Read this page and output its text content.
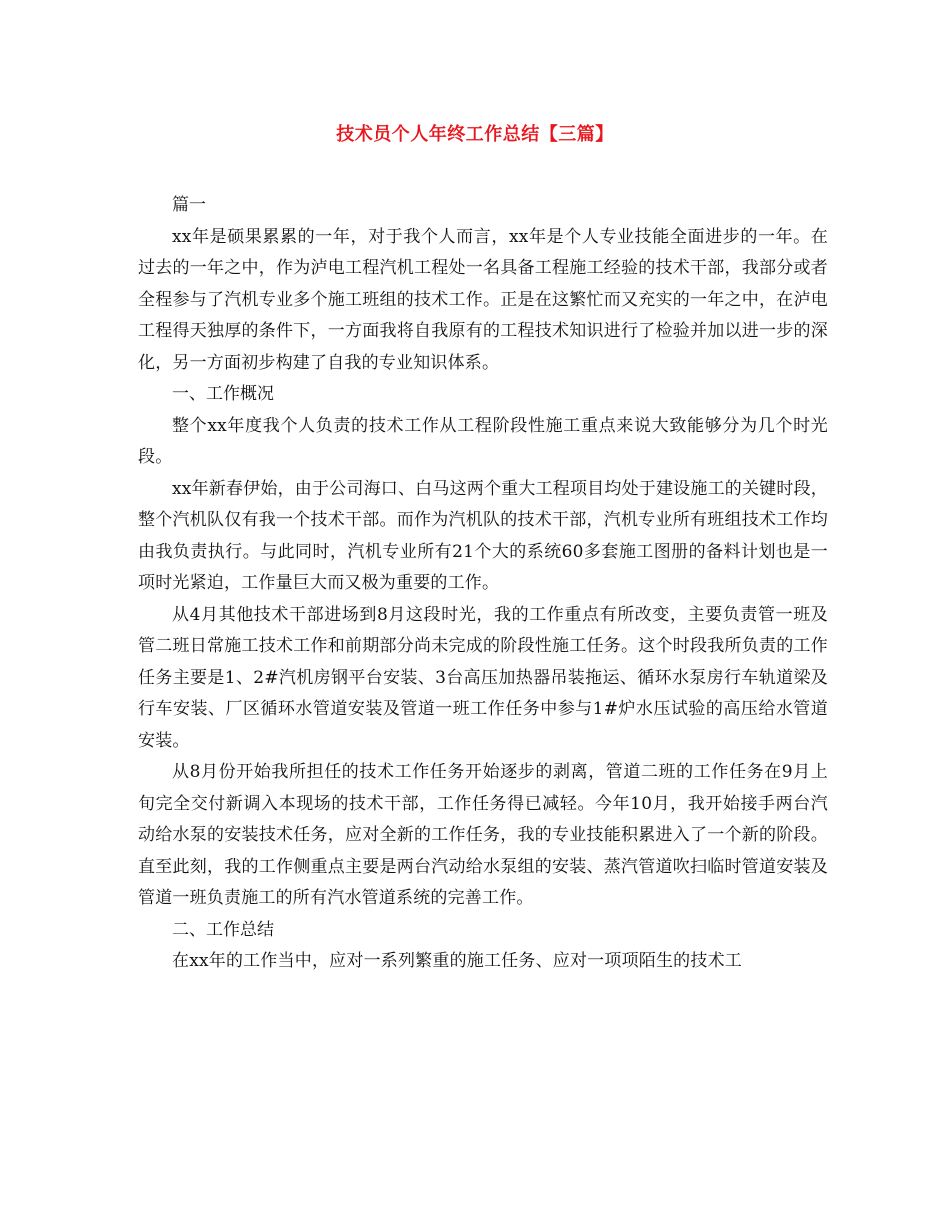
技术员个人年终工作总结【三篇】

篇一

xx年是硕果累累的一年，对于我个人而言，xx年是个人专业技能全面进步的一年。在过去的一年之中，作为泸电工程汽机工程处一名具备工程施工经验的技术干部，我部分或者全程参与了汽机专业多个施工班组的技术工作。正是在这繁忙而又充实的一年之中，在泸电工程得天独厚的条件下，一方面我将自我原有的工程技术知识进行了检验并加以进一步的深化，另一方面初步构建了自我的专业知识体系。

一、工作概况

整个xx年度我个人负责的技术工作从工程阶段性施工重点来说大致能够分为几个时光段。

xx年新春伊始，由于公司海口、白马这两个重大工程项目均处于建设施工的关键时段，整个汽机队仅有我一个技术干部。而作为汽机队的技术干部，汽机专业所有班组技术工作均由我负责执行。与此同时，汽机专业所有21个大的系统60多套施工图册的备料计划也是一项时光紧迫，工作量巨大而又极为重要的工作。

从4月其他技术干部进场到8月这段时光，我的工作重点有所改变，主要负责管一班及管二班日常施工技术工作和前期部分尚未完成的阶段性施工任务。这个时段我所负责的工作任务主要是1、2#汽机房钢平台安装、3台高压加热器吊装拖运、循环水泵房行车轨道梁及行车安装、厂区循环水管道安装及管道一班工作任务中参与1#炉水压试验的高压给水管道安装。

从8月份开始我所担任的技术工作任务开始逐步的剥离，管道二班的工作任务在9月上旬完全交付新调入本现场的技术干部，工作任务得已减轻。今年10月，我开始接手两台汽动给水泵的安装技术任务，应对全新的工作任务，我的专业技能积累进入了一个新的阶段。直至此刻，我的工作侧重点主要是两台汽动给水泵组的安装、蒸汽管道吹扫临时管道安装及管道一班负责施工的所有汽水管道系统的完善工作。

二、工作总结

在xx年的工作当中，应对一系列繁重的施工任务、应对一项项陌生的技术工
